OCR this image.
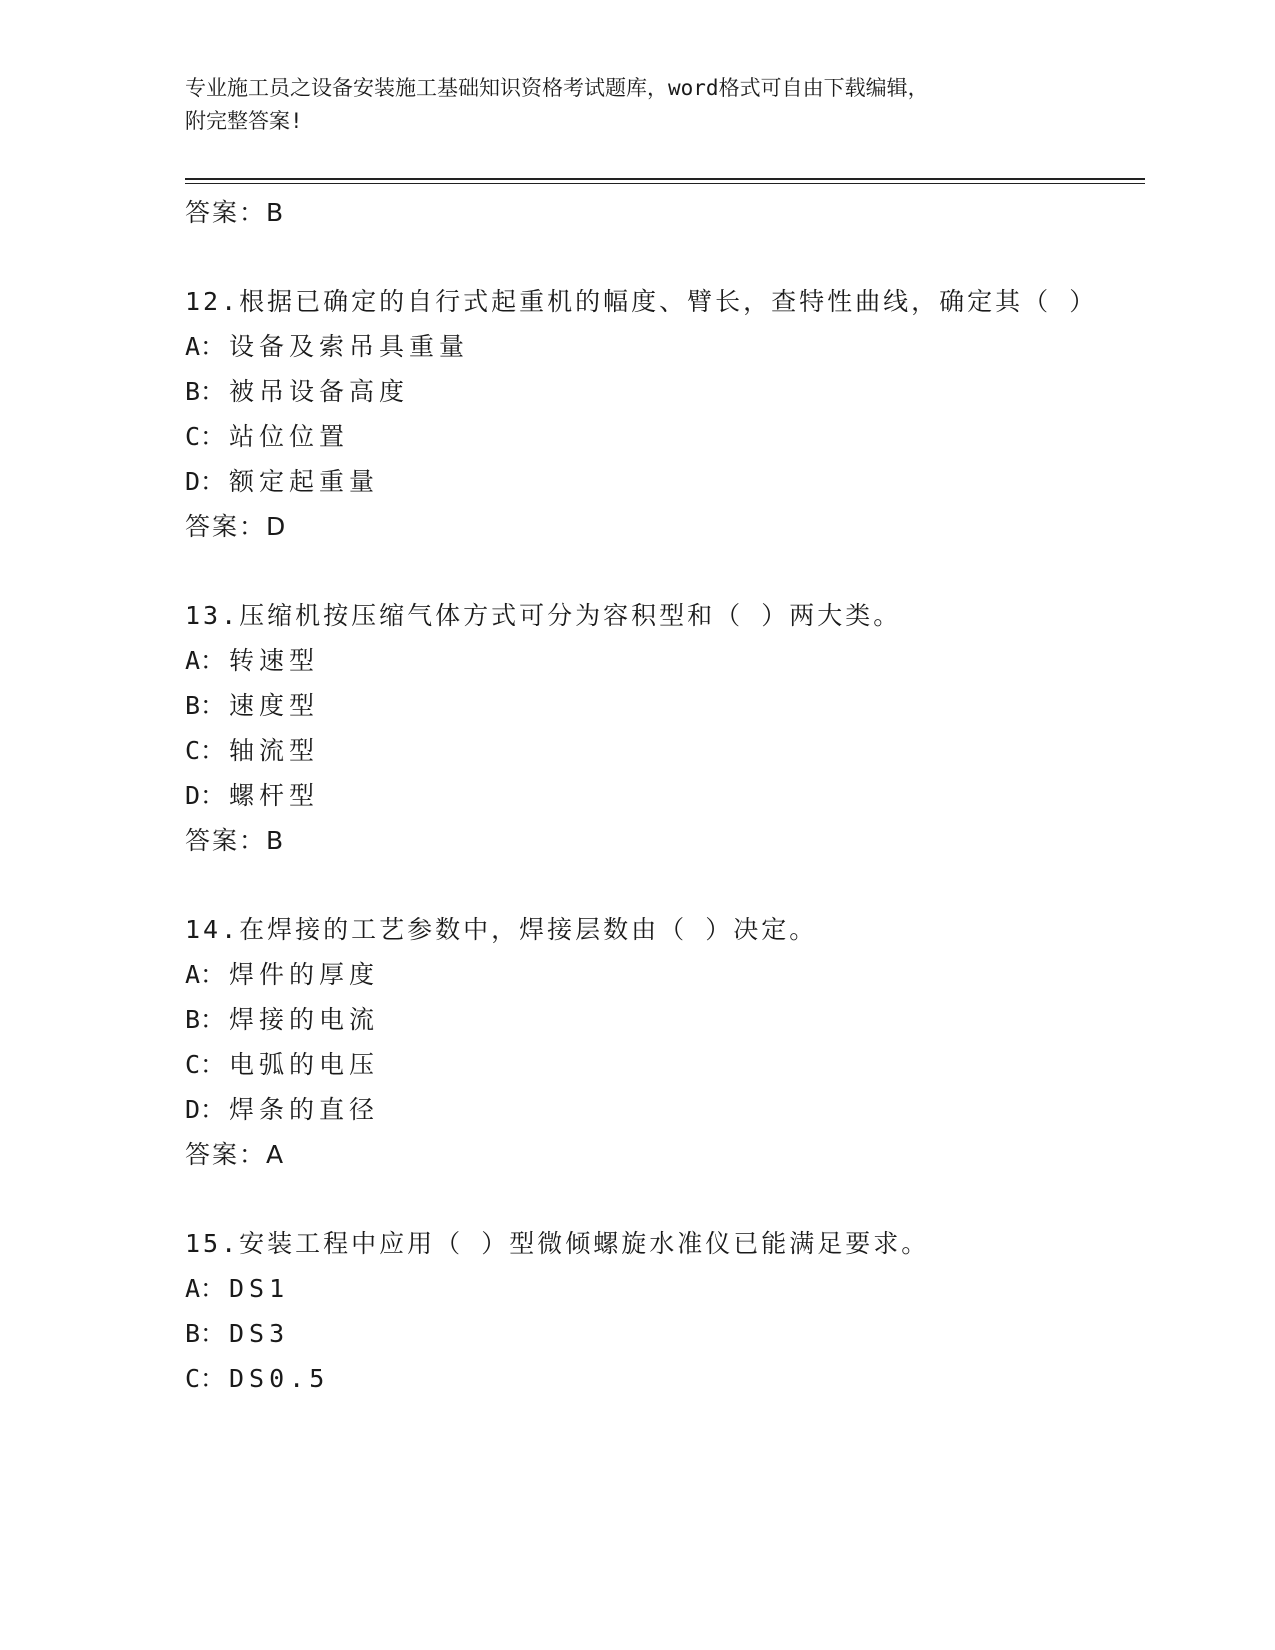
专业施工员之设备安装施工基础知识资格考试题库，word格式可自由下载编辑，
附完整答案!
答案：B
12.根据已确定的自行式起重机的幅度、臂长，查特性曲线，确定其（ ）
A： 设备及索吊具重量
B： 被吊设备高度
C： 站位位置
D： 额定起重量
答案：D
13.压缩机按压缩气体方式可分为容积型和（ ）两大类。
A： 转速型
B： 速度型
C： 轴流型
D： 螺杆型
答案：B
14.在焊接的工艺参数中，焊接层数由（ ）决定。
A： 焊件的厚度
B： 焊接的电流
C： 电弧的电压
D： 焊条的直径
答案：A
15.安装工程中应用（ ）型微倾螺旋水准仪已能满足要求。
A： DS1
B： DS3
C： DS0.5
